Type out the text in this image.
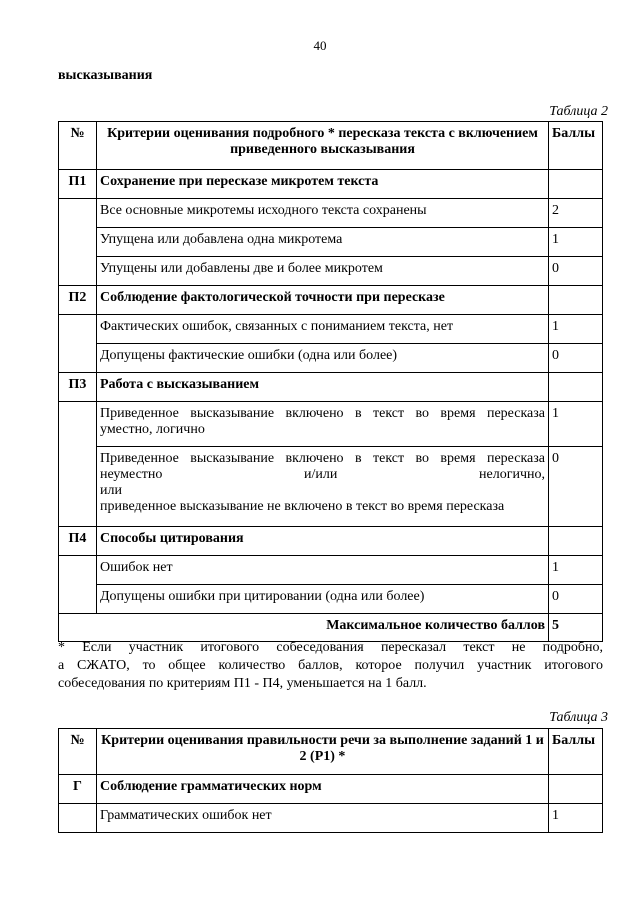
40
высказывания
Таблица 2
№	Критерии оценивания подробного * пересказа текста с включением приведенного высказывания	Баллы
П1	Сохранение при пересказе микротем текста	
	Все основные микротемы исходного текста сохранены	2
	Упущена или добавлена одна микротема	1
	Упущены или добавлены две и более микротем	0
П2	Соблюдение фактологической точности при пересказе	
	Фактических ошибок, связанных с пониманием текста, нет	1
	Допущены фактические ошибки (одна или более)	0
П3	Работа с высказыванием	
	Приведенное высказывание включено в текст во время пересказа уместно, логично	1

	Приведенное высказывание включено в текст во время пересказа неуместно и/или нелогично,
или
приведенное высказывание не включено в текст во время пересказа	0
П4	Способы цитирования	
	Ошибок нет	1
	Допущены ошибки при цитировании (одна или более)	0
Максимальное количество баллов		5

* Если участник итогового собеседования пересказал текст не подробно,
а СЖАТО, то общее количество баллов, которое получил участник итогового
собеседования по критериям П1 - П4, уменьшается на 1 балл.

Таблица 3
№	Критерии оценивания правильности речи за выполнение заданий 1 и 2 (Р1) *	Баллы
Г	Соблюдение грамматических норм	
	Грамматических ошибок нет	1
